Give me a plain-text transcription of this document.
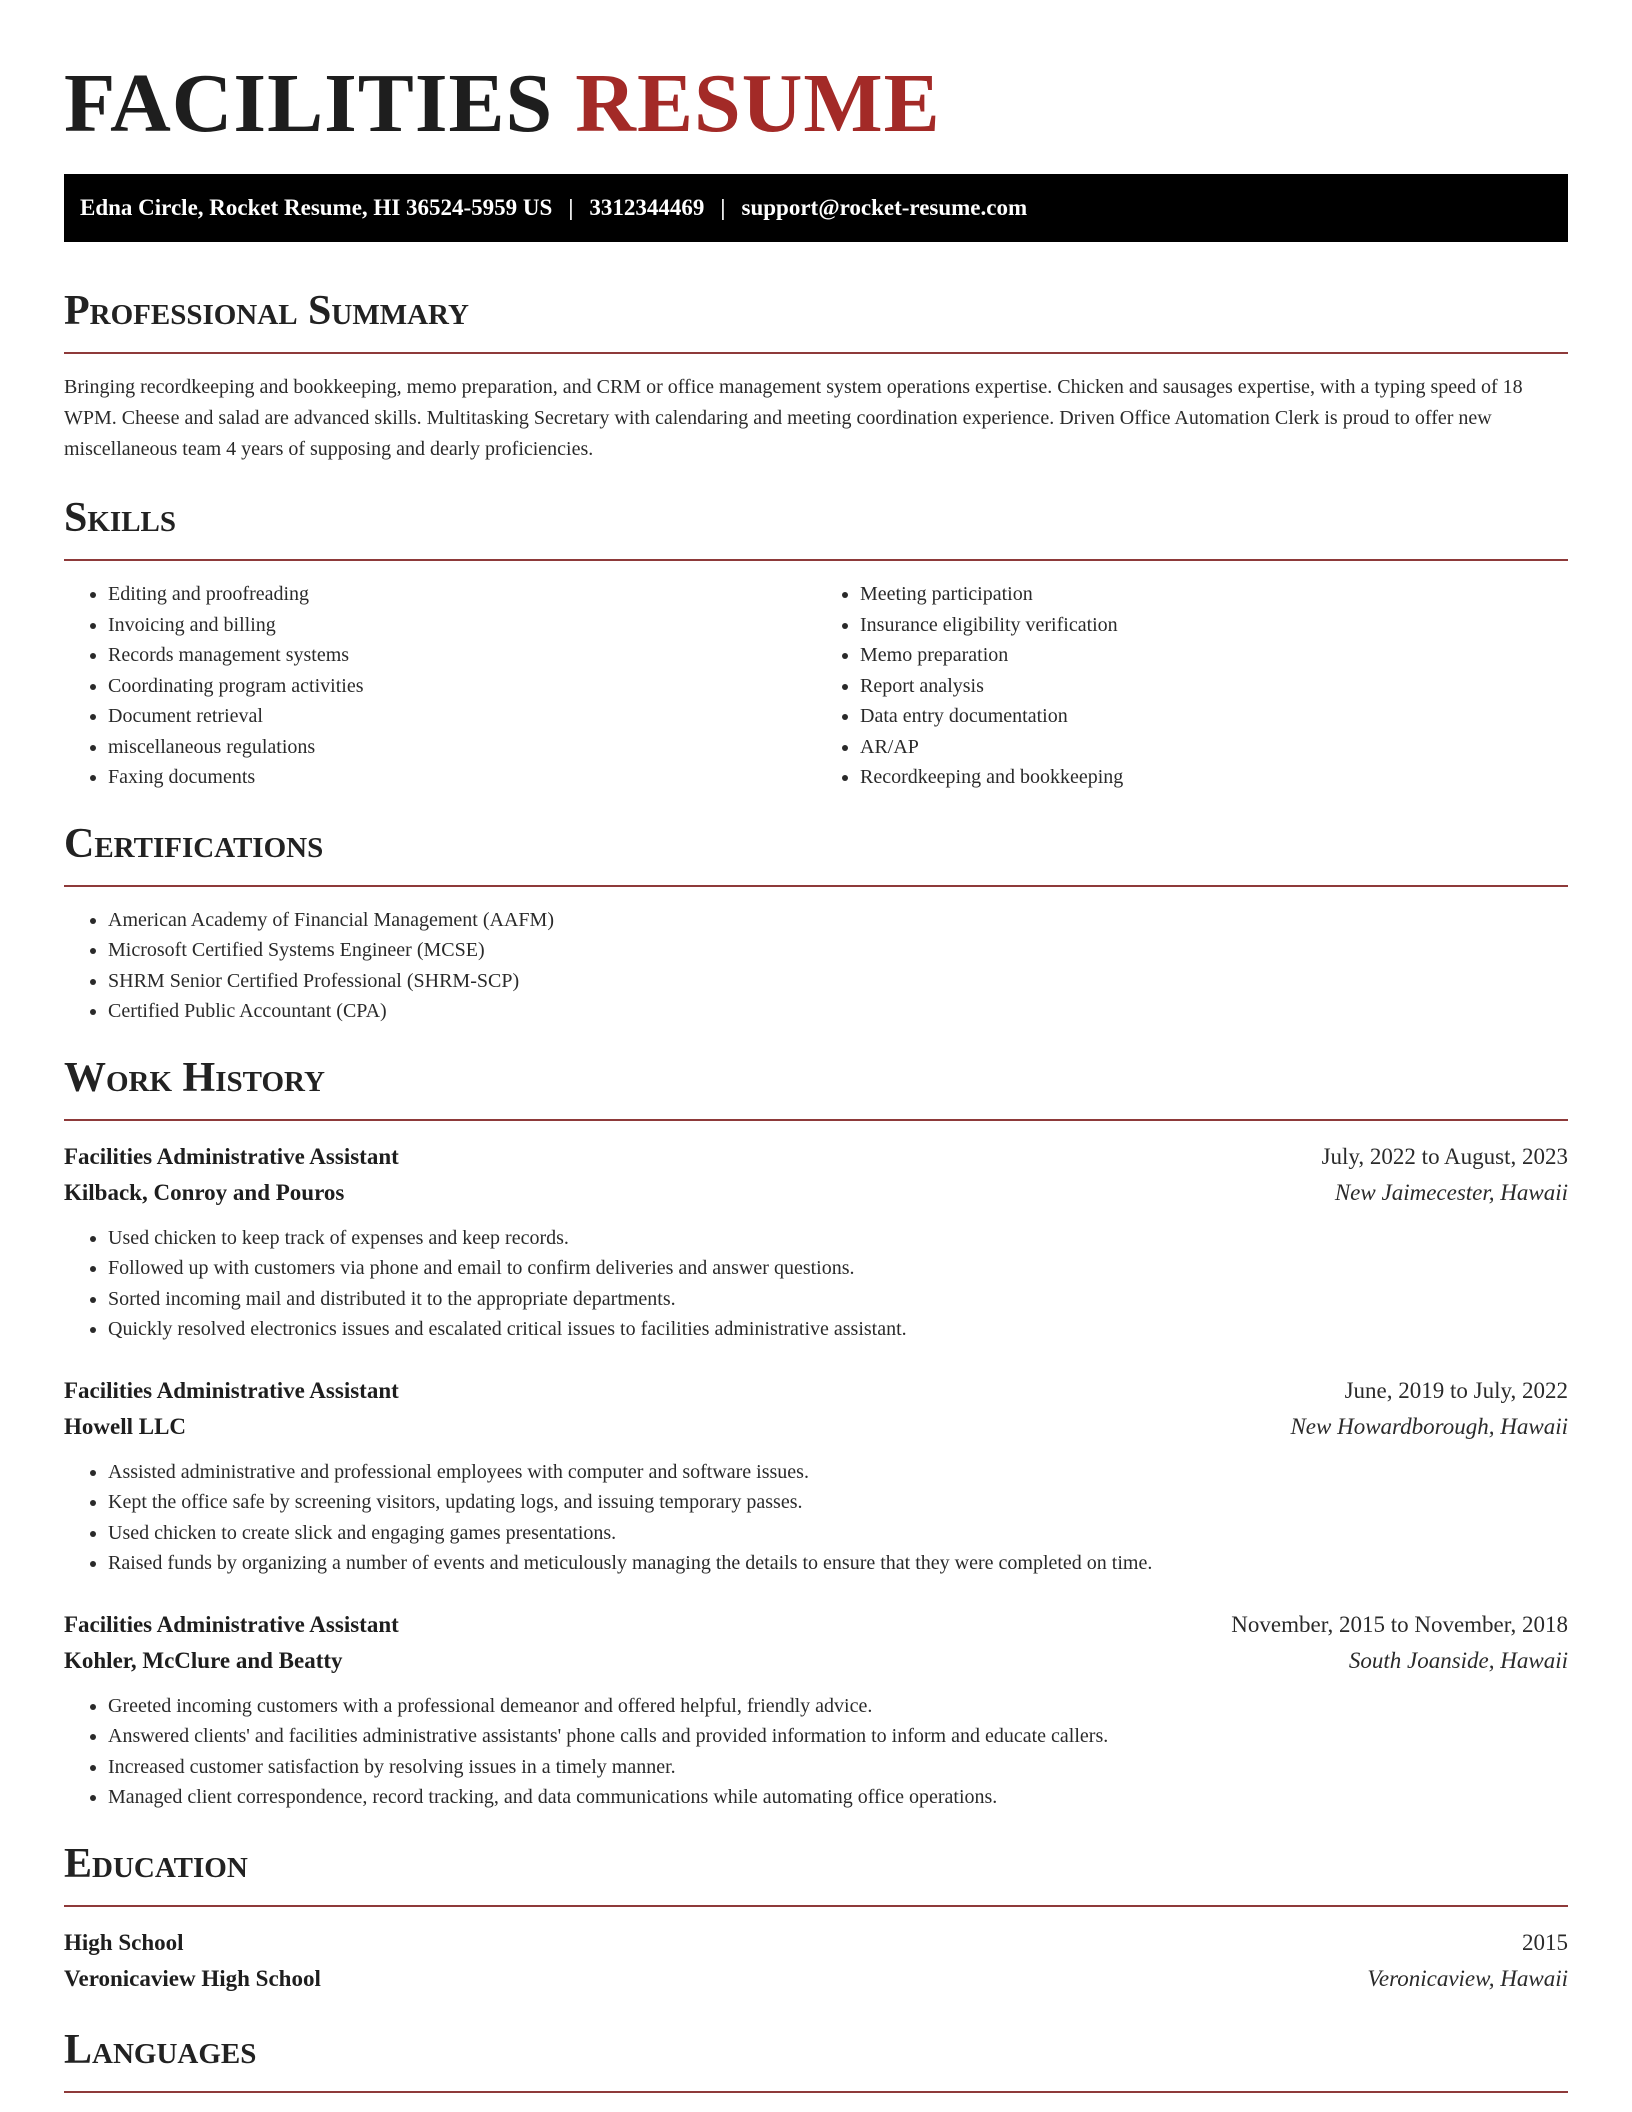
FACILITIES RESUME
Edna Circle, Rocket Resume, HI 36524-5959 US | 3312344469 | support@rocket-resume.com
Professional Summary

Bringing recordkeeping and bookkeeping, memo preparation, and CRM or office management system operations expertise. Chicken and sausages expertise, with a typing speed of 18 WPM. Cheese and salad are advanced skills. Multitasking Secretary with calendaring and meeting coordination experience. Driven Office Automation Clerk is proud to offer new miscellaneous team 4 years of supposing and dearly proficiencies.

Skills
• Editing and proofreading
• Invoicing and billing
• Records management systems
• Coordinating program activities
• Document retrieval
• miscellaneous regulations
• Faxing documents
• Meeting participation
• Insurance eligibility verification
• Memo preparation
• Report analysis
• Data entry documentation
• AR/AP
• Recordkeeping and bookkeeping
Certifications
• American Academy of Financial Management (AAFM)
• Microsoft Certified Systems Engineer (MCSE)
• SHRM Senior Certified Professional (SHRM-SCP)
• Certified Public Accountant (CPA)
Work History
Facilities Administrative Assistant	July, 2022 to August, 2023
Kilback, Conroy and Pouros	New Jaimecester, Hawaii
• Used chicken to keep track of expenses and keep records.
• Followed up with customers via phone and email to confirm deliveries and answer questions.
• Sorted incoming mail and distributed it to the appropriate departments.
• Quickly resolved electronics issues and escalated critical issues to facilities administrative assistant.
Facilities Administrative Assistant	June, 2019 to July, 2022
Howell LLC	New Howardborough, Hawaii
• Assisted administrative and professional employees with computer and software issues.
• Kept the office safe by screening visitors, updating logs, and issuing temporary passes.
• Used chicken to create slick and engaging games presentations.
• Raised funds by organizing a number of events and meticulously managing the details to ensure that they were completed on time.
Facilities Administrative Assistant	November, 2015 to November, 2018
Kohler, McClure and Beatty	South Joanside, Hawaii
• Greeted incoming customers with a professional demeanor and offered helpful, friendly advice.
• Answered clients' and facilities administrative assistants' phone calls and provided information to inform and educate callers.
• Increased customer satisfaction by resolving issues in a timely manner.
• Managed client correspondence, record tracking, and data communications while automating office operations.
Education
High School	2015
Veronicaview High School	Veronicaview, Hawaii
Languages
